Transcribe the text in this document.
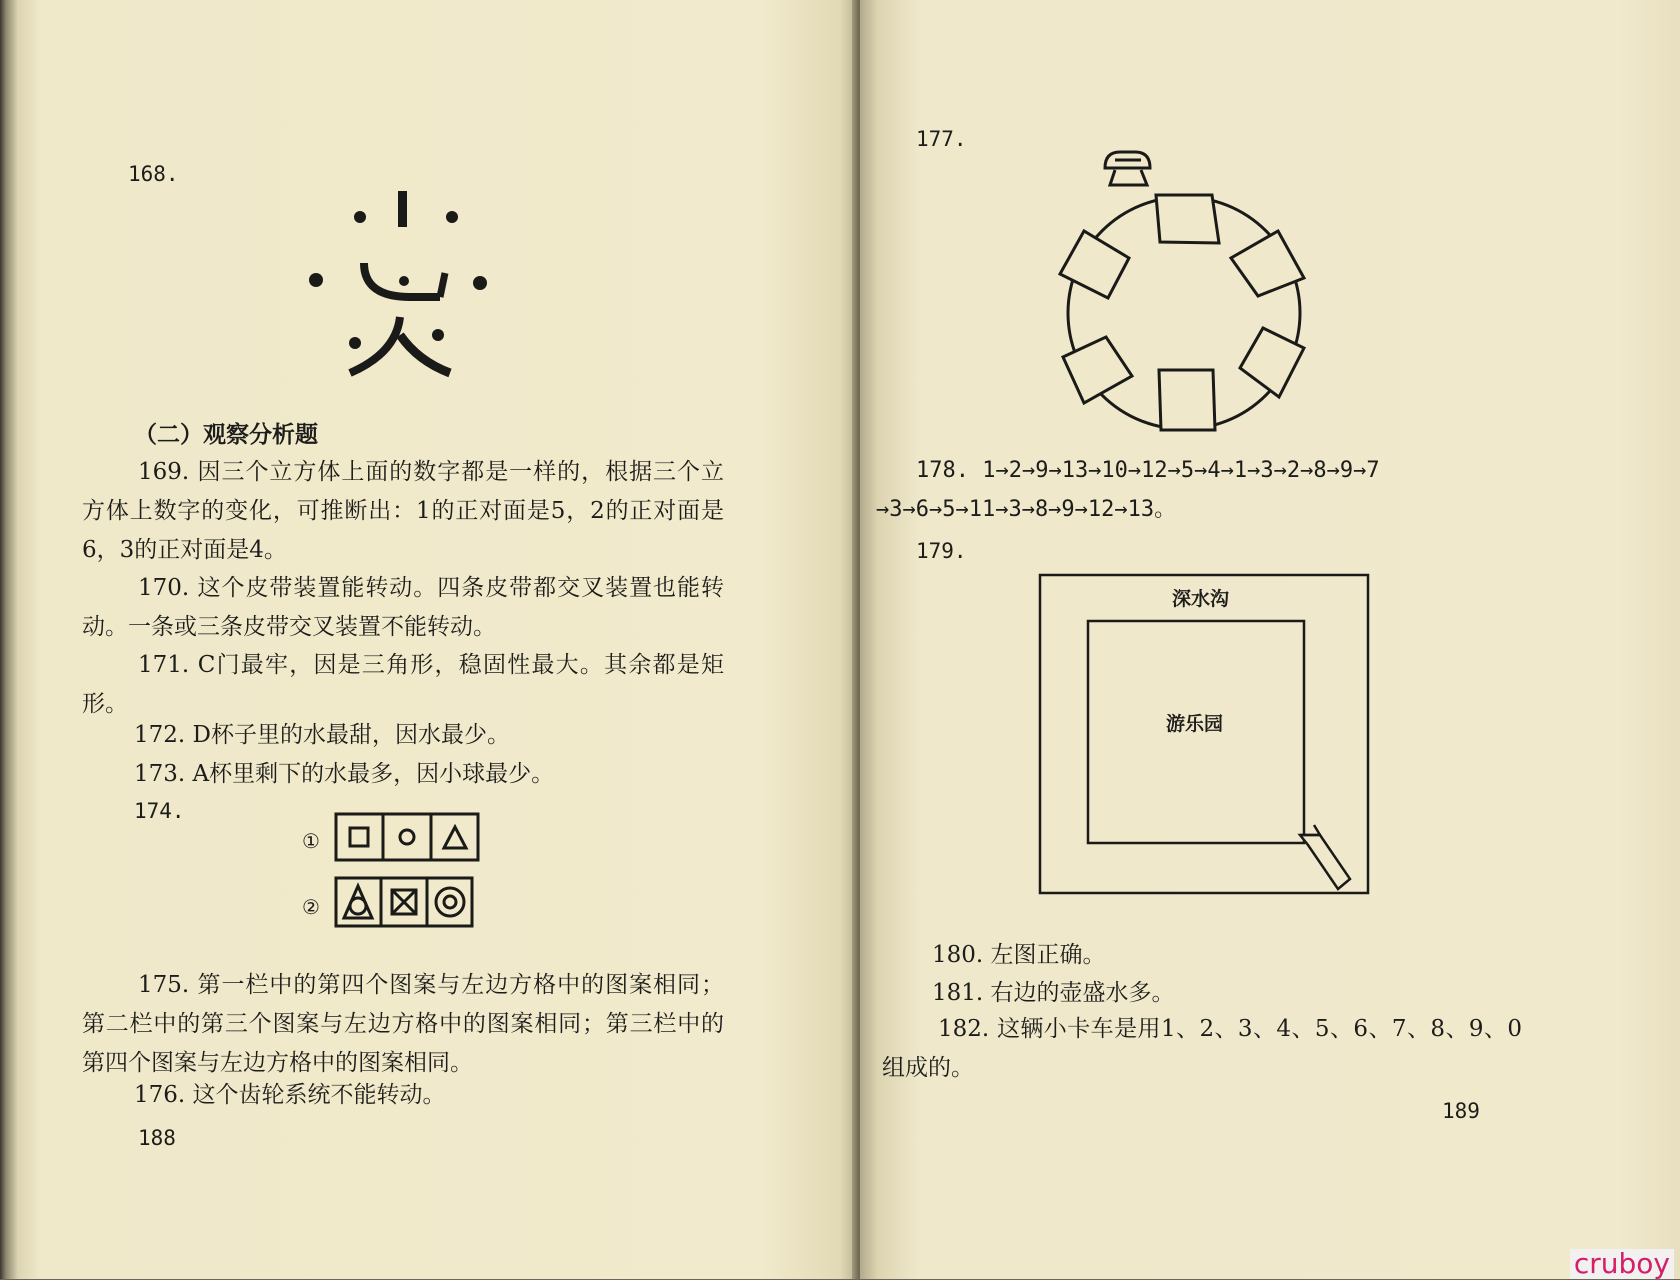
168.
（二）观察分析题
169. 因三个立方体上面的数字都是一样的，根据三个立方体上数字的变化，可推断出：1的正对面是5，2的正对面是6，3的正对面是4。
170. 这个皮带装置能转动。四条皮带都交叉装置也能转动。一条或三条皮带交叉装置不能转动。
171. C门最牢，因是三角形，稳固性最大。其余都是矩形。
172. D杯子里的水最甜，因水最少。
173. A杯里剩下的水最多，因小球最少。
174.
①
②
175. 第一栏中的第四个图案与左边方格中的图案相同；第二栏中的第三个图案与左边方格中的图案相同；第三栏中的第四个图案与左边方格中的图案相同。
176. 这个齿轮系统不能转动。
188
177.
178. 1→2→9→13→10→12→5→4→1→3→2→8→9→7
→3→6→5→11→3→8→9→12→13。
179.
深水沟
游乐园
180. 左图正确。
181. 右边的壶盛水多。
182. 这辆小卡车是用1、2、3、4、5、6、7、8、9、0组成的。
189
cruboy
